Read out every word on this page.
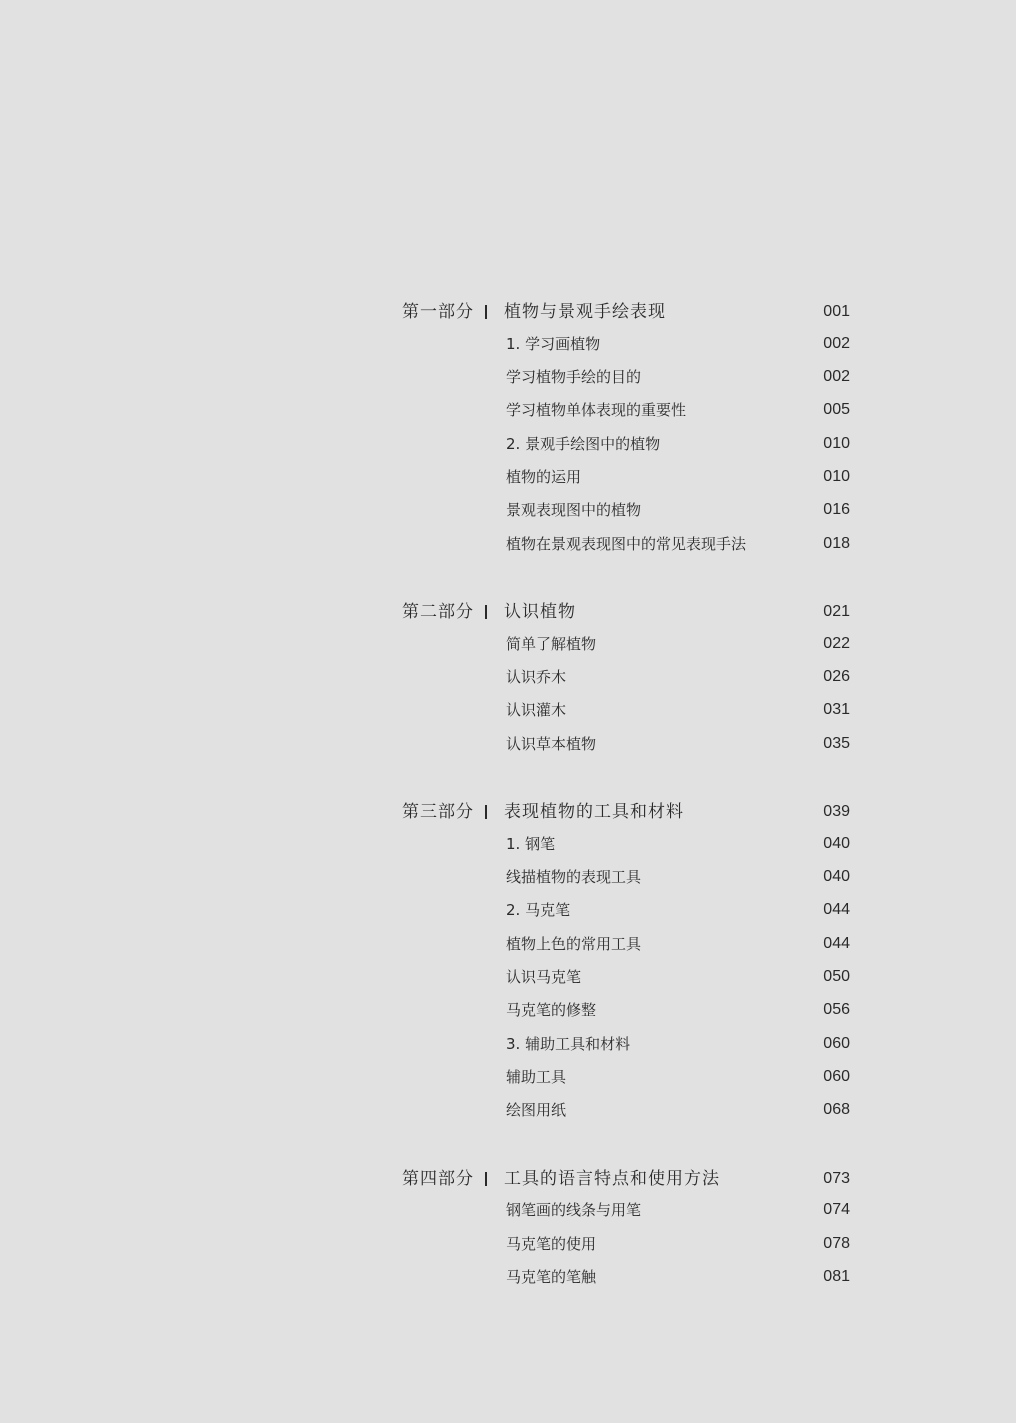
第一部分 植物与景观手绘表现	001
1. 学习画植物	002
学习植物手绘的目的	002
学习植物单体表现的重要性	005
2. 景观手绘图中的植物	010
植物的运用	010
景观表现图中的植物	016
植物在景观表现图中的常见表现手法	018
第二部分 认识植物	021
简单了解植物	022
认识乔木	026
认识灌木	031
认识草本植物	035
第三部分 表现植物的工具和材料	039
1. 钢笔	040
线描植物的表现工具	040
2. 马克笔	044
植物上色的常用工具	044
认识马克笔	050
马克笔的修整	056
3. 辅助工具和材料	060
辅助工具	060
绘图用纸	068
第四部分 工具的语言特点和使用方法	073
钢笔画的线条与用笔	074
马克笔的使用	078
马克笔的笔触	081
